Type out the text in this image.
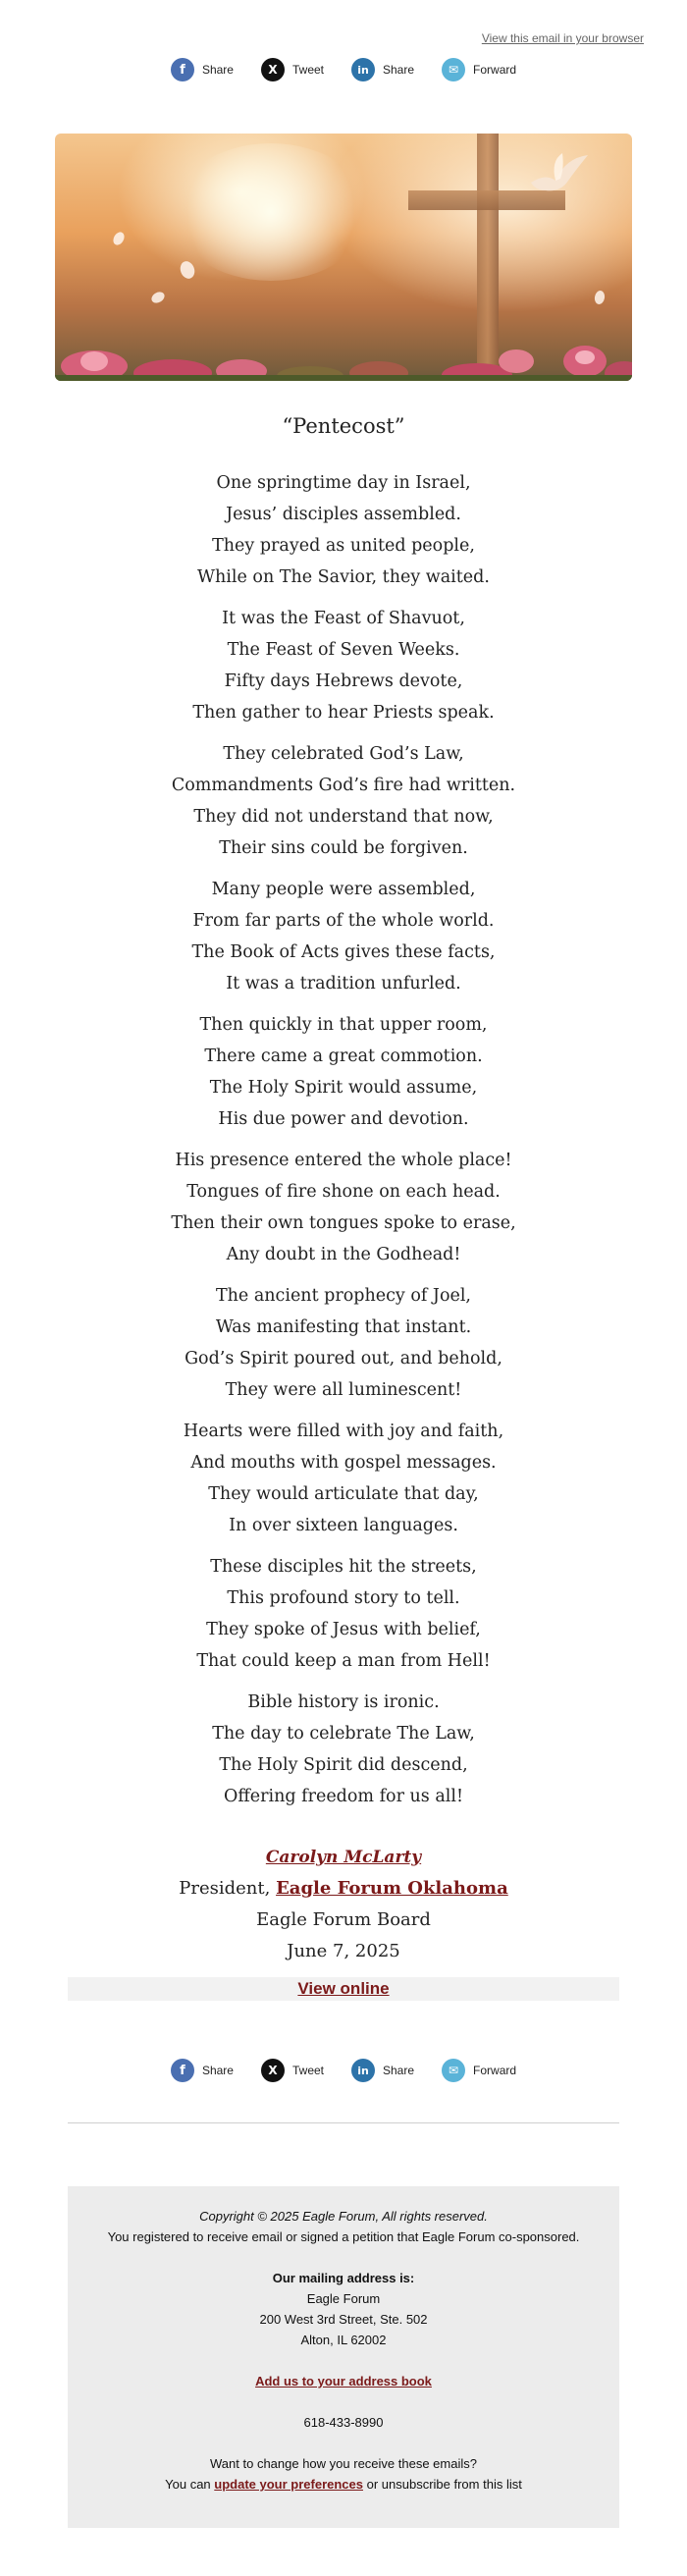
View this email in your browser
f	Share	X	Tweet	in	Share	✉	Forward
“Pentecost”
One springtime day in Israel,
Jesus’ disciples assembled.
They prayed as united people,
While on The Savior, they waited.
It was the Feast of Shavuot,
The Feast of Seven Weeks.
Fifty days Hebrews devote,
Then gather to hear Priests speak.
They celebrated God’s Law,
Commandments God’s fire had written.
They did not understand that now,
Their sins could be forgiven.
Many people were assembled,
From far parts of the whole world.
The Book of Acts gives these facts,
It was a tradition unfurled.
Then quickly in that upper room,
There came a great commotion.
The Holy Spirit would assume,
His due power and devotion.
His presence entered the whole place!
Tongues of fire shone on each head.
Then their own tongues spoke to erase,
Any doubt in the Godhead!
The ancient prophecy of Joel,
Was manifesting that instant.
God’s Spirit poured out, and behold,
They were all luminescent!
Hearts were filled with joy and faith,
And mouths with gospel messages.
They would articulate that day,
In over sixteen languages.
These disciples hit the streets,
This profound story to tell.
They spoke of Jesus with belief,
That could keep a man from Hell!
Bible history is ironic.
The day to celebrate The Law,
The Holy Spirit did descend,
Offering freedom for us all!
Carolyn McLarty
President, Eagle Forum Oklahoma
Eagle Forum Board
June 7, 2025
View online
f	Share	X	Tweet	in	Share	✉	Forward
Copyright © 2025 Eagle Forum, All rights reserved.
You registered to receive email or signed a petition that Eagle Forum co-sponsored.
Our mailing address is:
Eagle Forum
200 West 3rd Street, Ste. 502
Alton, IL 62002
Add us to your address book
618-433-8990
Want to change how you receive these emails?
You can update your preferences or unsubscribe from this list
